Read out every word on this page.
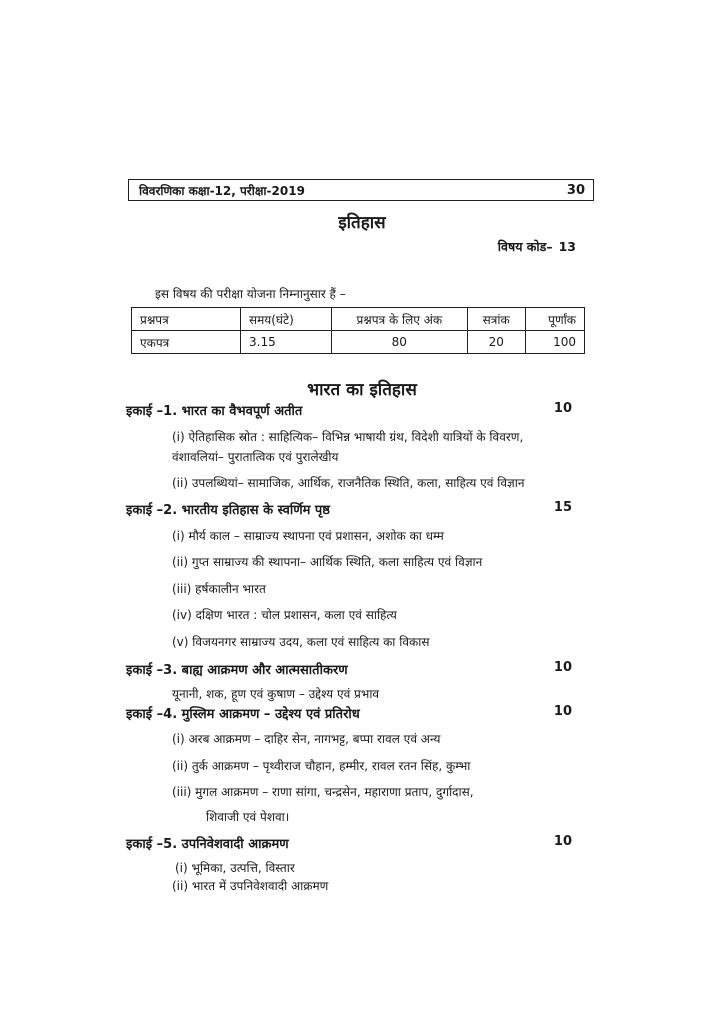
विवरणिका कक्षा-12, परीक्षा-2019	30
इतिहास
विषय कोड– 13
इस विषय की परीक्षा योजना निम्नानुसार हैं –
प्रश्नपत्र	समय(घंटे)	प्रश्नपत्र के लिए अंक	सत्रांक	पूर्णांक
एकपत्र	3.15	80	20	100
भारत का इतिहास
इकाई –1. भारत का वैभवपूर्ण अतीत	10
(i) ऐतिहासिक स्रोत : साहित्यिक– विभिन्न भाषायी ग्रंथ, विदेशी यात्रियों के विवरण, वंशावलियां– पुरातात्विक एवं पुरालेखीय
(ii) उपलब्धियां– सामाजिक, आर्थिक, राजनैतिक स्थिति, कला, साहित्य एवं विज्ञान
इकाई –2. भारतीय इतिहास के स्वर्णिम पृष्ठ	15
(i) मौर्य काल – साम्राज्य स्थापना एवं प्रशासन, अशोक का धम्म
(ii) गुप्त साम्राज्य की स्थापना– आर्थिक स्थिति, कला साहित्य एवं विज्ञान
(iii) हर्षकालीन भारत
(iv) दक्षिण भारत : चोल प्रशासन, कला एवं साहित्य
(v) विजयनगर साम्राज्य उदय, कला एवं साहित्य का विकास
इकाई –3. बाह्य आक्रमण और आत्मसातीकरण	10
यूनानी, शक, हूण एवं कुषाण – उद्देश्य एवं प्रभाव
इकाई –4. मुस्लिम आक्रमण – उद्देश्य एवं प्रतिरोध	10
(i) अरब आक्रमण – दाहिर सेन, नागभट्ट, बप्पा रावल एवं अन्य
(ii) तुर्क आक्रमण – पृथ्वीराज चौहान, हम्मीर, रावल रतन सिंह, कुम्भा
(iii) मुगल आक्रमण – राणा सांगा, चन्द्रसेन, महाराणा प्रताप, दुर्गादास,
शिवाजी एवं पेशवा।
इकाई –5. उपनिवेशवादी आक्रमण	10
(i) भूमिका, उत्पत्ति, विस्तार
(ii) भारत में उपनिवेशवादी आक्रमण
